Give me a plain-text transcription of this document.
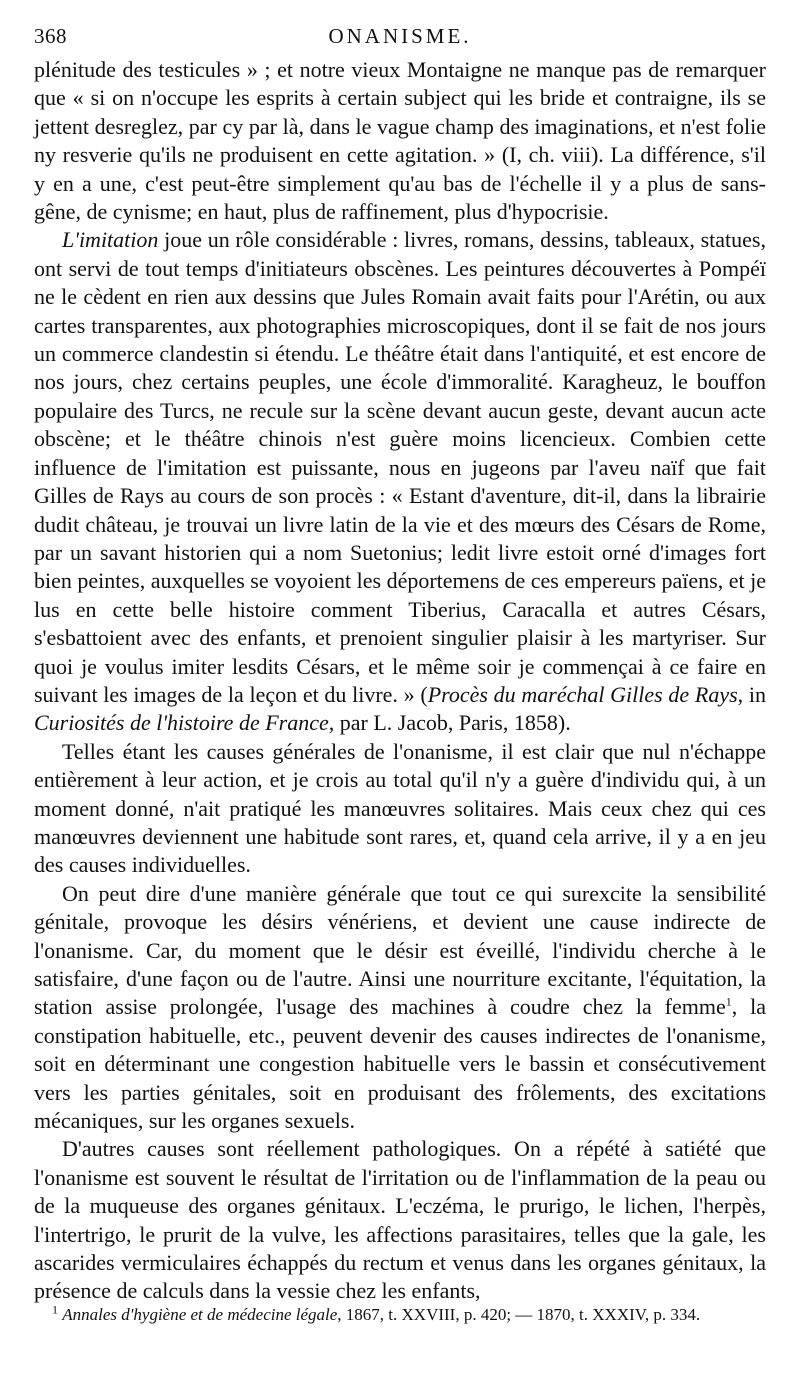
368	ONANISME.

plénitude des testicules » ; et notre vieux Montaigne ne manque pas de remarquer que « si on n'occupe les esprits à certain subject qui les bride et contraigne, ils se jettent desreglez, par cy par là, dans le vague champ des imaginations, et n'est folie ny resverie qu'ils ne produisent en cette agitation. » (I, ch. viii). La différence, s'il y en a une, c'est peut-être simplement qu'au bas de l'échelle il y a plus de sans-gêne, de cynisme; en haut, plus de raffinement, plus d'hypocrisie.

L'imitation joue un rôle considérable : livres, romans, dessins, tableaux, statues, ont servi de tout temps d'initiateurs obscènes. Les peintures découvertes à Pompéï ne le cèdent en rien aux dessins que Jules Romain avait faits pour l'Arétin, ou aux cartes transparentes, aux photographies microscopiques, dont il se fait de nos jours un commerce clandestin si étendu. Le théâtre était dans l'antiquité, et est encore de nos jours, chez certains peuples, une école d'immoralité. Karagheuz, le bouffon populaire des Turcs, ne recule sur la scène devant aucun geste, devant aucun acte obscène; et le théâtre chinois n'est guère moins licencieux. Combien cette influence de l'imitation est puissante, nous en jugeons par l'aveu naïf que fait Gilles de Rays au cours de son procès : « Estant d'aventure, dit-il, dans la librairie dudit château, je trouvai un livre latin de la vie et des mœurs des Césars de Rome, par un savant historien qui a nom Suetonius; ledit livre estoit orné d'images fort bien peintes, auxquelles se voyoient les déportemens de ces empereurs païens, et je lus en cette belle histoire comment Tiberius, Caracalla et autres Césars, s'esbattoient avec des enfants, et prenoient singulier plaisir à les martyriser. Sur quoi je voulus imiter lesdits Césars, et le même soir je commençai à ce faire en suivant les images de la leçon et du livre. » (Procès du maréchal Gilles de Rays, in Curiosités de l'histoire de France, par L. Jacob, Paris, 1858).

Telles étant les causes générales de l'onanisme, il est clair que nul n'échappe entièrement à leur action, et je crois au total qu'il n'y a guère d'individu qui, à un moment donné, n'ait pratiqué les manœuvres solitaires. Mais ceux chez qui ces manœuvres deviennent une habitude sont rares, et, quand cela arrive, il y a en jeu des causes individuelles.

On peut dire d'une manière générale que tout ce qui surexcite la sensibilité génitale, provoque les désirs vénériens, et devient une cause indirecte de l'onanisme. Car, du moment que le désir est éveillé, l'individu cherche à le satisfaire, d'une façon ou de l'autre. Ainsi une nourriture excitante, l'équitation, la station assise prolongée, l'usage des machines à coudre chez la femme$^1$, la constipation habituelle, etc., peuvent devenir des causes indirectes de l'onanisme, soit en déterminant une congestion habituelle vers le bassin et consécutivement vers les parties génitales, soit en produisant des frôlements, des excitations mécaniques, sur les organes sexuels.

D'autres causes sont réellement pathologiques. On a répété à satiété que l'onanisme est souvent le résultat de l'irritation ou de l'inflammation de la peau ou de la muqueuse des organes génitaux. L'eczéma, le prurigo, le lichen, l'herpès, l'intertrigo, le prurit de la vulve, les affections parasitaires, telles que la gale, les ascarides vermiculaires échappés du rectum et venus dans les organes génitaux, la présence de calculs dans la vessie chez les enfants,

$^1$ Annales d'hygiène et de médecine légale, 1867, t. XXVIII, p. 420; — 1870, t. XXXIV, p. 334.
